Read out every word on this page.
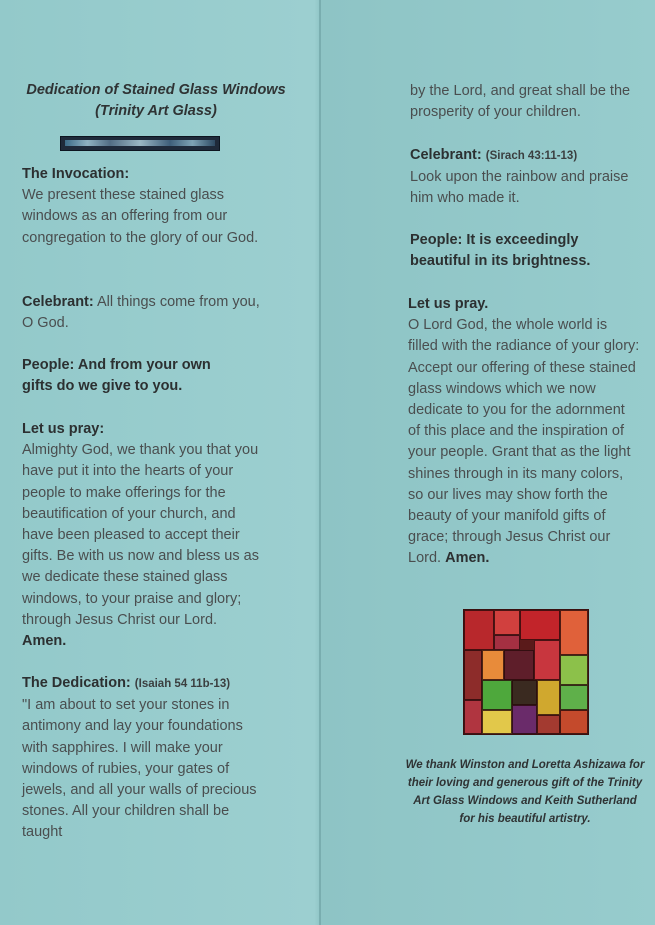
Dedication of Stained Glass Windows (Trinity Art Glass)
The Invocation:
We present these stained glass windows as an offering from our congregation to the glory of our God.
Celebrant: All things come from you, O God.
People: And from your own gifts do we give to you.
Let us pray:
Almighty God, we thank you that you have put it into the hearts of your people to make offerings for the beautification of your church, and have been pleased to accept their gifts. Be with us now and bless us as we dedicate these stained glass windows, to your praise and glory; through Jesus Christ our Lord. Amen.
The Dedication: (Isaiah 54 11b-13)
"I am about to set your stones in antimony and lay your foundations with sapphires. I will make your windows of rubies, your gates of jewels, and all your walls of precious stones. All your children shall be taught
by the Lord, and great shall be the prosperity of your children.
Celebrant: (Sirach 43:11-13)
Look upon the rainbow and praise him who made it.
People: It is exceedingly beautiful in its brightness.
Let us pray.
O Lord God, the whole world is filled with the radiance of your glory: Accept our offering of these stained glass windows which we now dedicate to you for the adornment of this place and the inspiration of your people. Grant that as the light shines through in its many colors, so our lives may show forth the beauty of your manifold gifts of grace; through Jesus Christ our Lord. Amen.
We thank Winston and Loretta Ashizawa for their loving and generous gift of the Trinity Art Glass Windows and Keith Sutherland for his beautiful artistry.
